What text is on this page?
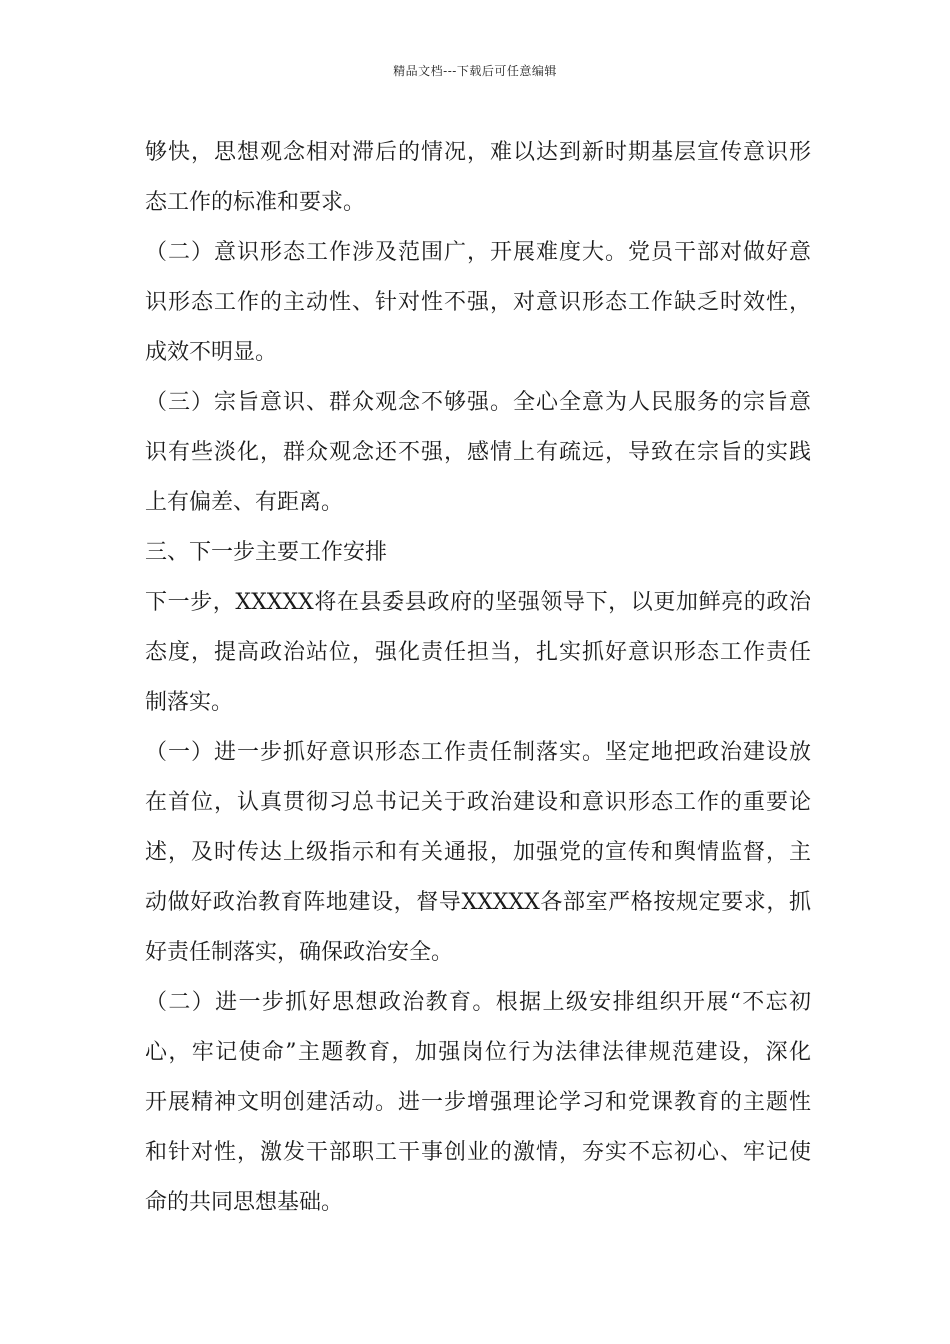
精品文档---下载后可任意编辑
够快，思想观念相对滞后的情况，难以达到新时期基层宣传意识形
态工作的标准和要求。
（二）意识形态工作涉及范围广，开展难度大。党员干部对做好意
识形态工作的主动性、针对性不强，对意识形态工作缺乏时效性，
成效不明显。
（三）宗旨意识、群众观念不够强。全心全意为人民服务的宗旨意
识有些淡化，群众观念还不强，感情上有疏远，导致在宗旨的实践
上有偏差、有距离。
三、下一步主要工作安排
下一步，XXXXX将在县委县政府的坚强领导下，以更加鲜亮的政治
态度，提高政治站位，强化责任担当，扎实抓好意识形态工作责任
制落实。
（一）进一步抓好意识形态工作责任制落实。坚定地把政治建设放
在首位，认真贯彻习总书记关于政治建设和意识形态工作的重要论
述，及时传达上级指示和有关通报，加强党的宣传和舆情监督，主
动做好政治教育阵地建设，督导XXXXX各部室严格按规定要求，抓
好责任制落实，确保政治安全。
（二）进一步抓好思想政治教育。根据上级安排组织开展“不忘初
心，牢记使命”主题教育，加强岗位行为法律法律规范建设，深化
开展精神文明创建活动。进一步增强理论学习和党课教育的主题性
和针对性，激发干部职工干事创业的激情，夯实不忘初心、牢记使
命的共同思想基础。
